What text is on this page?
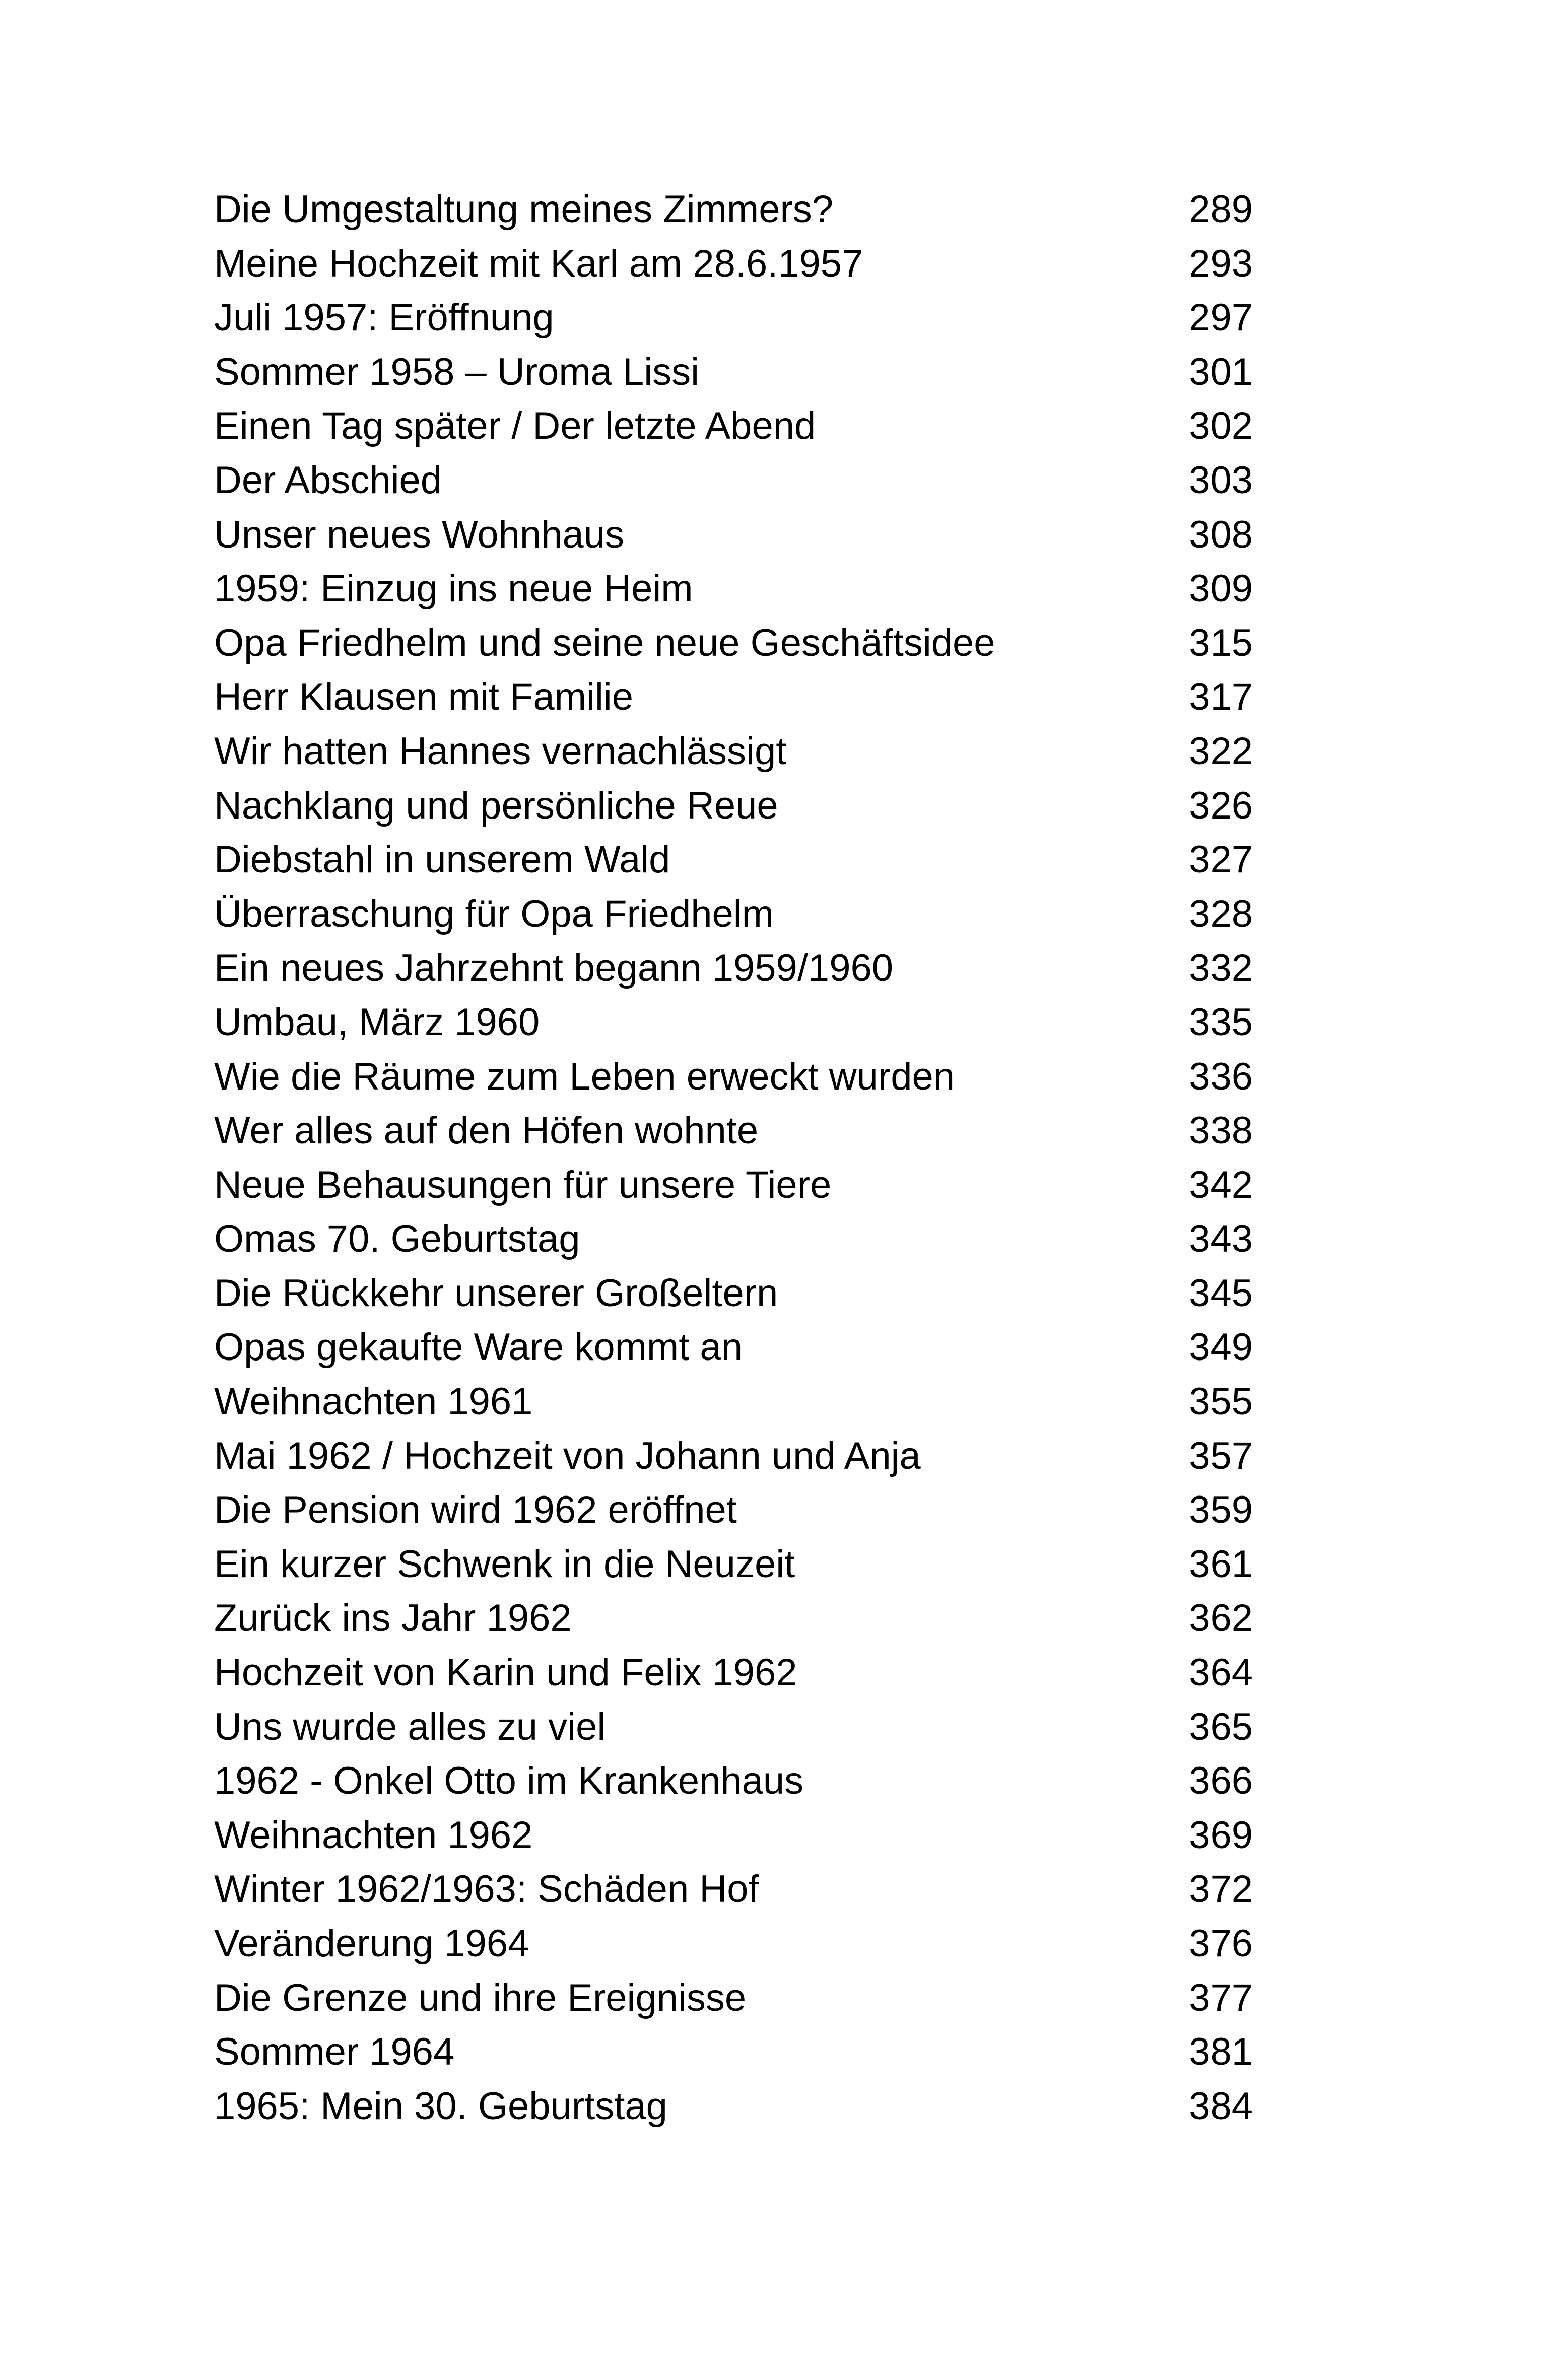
Die Umgestaltung meines Zimmers?	289
Meine Hochzeit mit Karl am 28.6.1957	293
Juli 1957: Eröffnung	297
Sommer 1958 – Uroma Lissi	301
Einen Tag später / Der letzte Abend	302
Der Abschied	303
Unser neues Wohnhaus	308
1959: Einzug ins neue Heim	309
Opa Friedhelm und seine neue Geschäftsidee	315
Herr Klausen mit Familie	317
Wir hatten Hannes vernachlässigt	322
Nachklang und persönliche Reue	326
Diebstahl in unserem Wald	327
Überraschung für Opa Friedhelm	328
Ein neues Jahrzehnt begann 1959/1960	332
Umbau, März 1960	335
Wie die Räume zum Leben erweckt wurden	336
Wer alles auf den Höfen wohnte	338
Neue Behausungen für unsere Tiere	342
Omas 70. Geburtstag	343
Die Rückkehr unserer Großeltern	345
Opas gekaufte Ware kommt an	349
Weihnachten 1961	355
Mai 1962 / Hochzeit von Johann und Anja	357
Die Pension wird 1962 eröffnet	359
Ein kurzer Schwenk in die Neuzeit	361
Zurück ins Jahr 1962	362
Hochzeit von Karin und Felix 1962	364
Uns wurde alles zu viel	365
1962 - Onkel Otto im Krankenhaus	366
Weihnachten 1962	369
Winter 1962/1963: Schäden Hof	372
Veränderung 1964	376
Die Grenze und ihre Ereignisse	377
Sommer 1964	381
1965: Mein 30. Geburtstag	384
